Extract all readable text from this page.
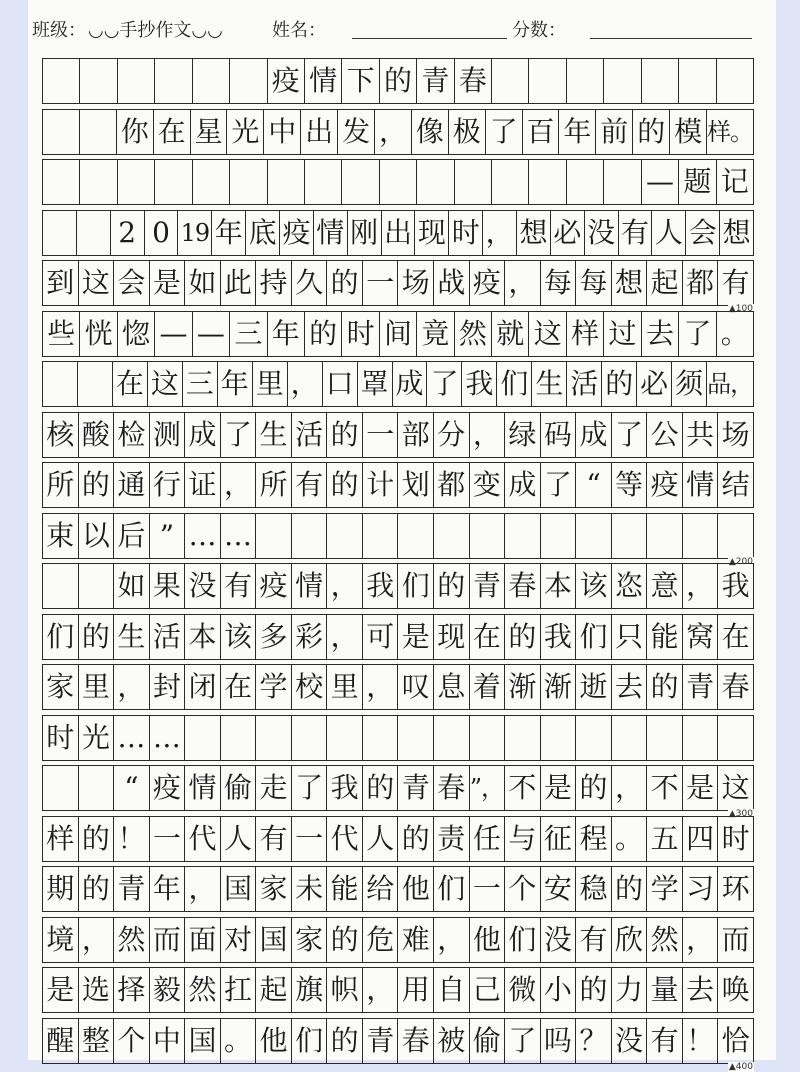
班级： ◡◡手抄作文◡◡	姓名：	分数：
疫 情 下 的 青 春
你 在 星 光 中 出 发 ， 像 极 了 百 年 前 的 模 样。
— 题 记
2 0 19 年 底 疫 情 刚 出 现 时 ， 想 必 没 有 人 会 想
到 这 会 是 如 此 持 久 的 一 场 战 疫 ， 每 每 想 起 都 有
▲100
些 恍 惚 — — 三 年 的 时 间 竟 然 就 这 样 过 去 了 。
在 这 三 年 里 ， 口 罩 成 了 我 们 生 活 的 必 须 品，
核 酸 检 测 成 了 生 活 的 一 部 分 ， 绿 码 成 了 公 共 场
所 的 通 行 证 ， 所 有 的 计 划 都 变 成 了 “ 等 疫 情 结
束 以 后 ” … …
▲200
如 果 没 有 疫 情 ， 我 们 的 青 春 本 该 恣 意 ， 我
们 的 生 活 本 该 多 彩 ， 可 是 现 在 的 我 们 只 能 窝 在
家 里 ， 封 闭 在 学 校 里 ， 叹 息 着 渐 渐 逝 去 的 青 春
时 光 … …
“ 疫 情 偷 走 了 我 的 青 春 ”， 不 是 的 ， 不 是 这
▲300
样 的 ！ 一 代 人 有 一 代 人 的 责 任 与 征 程 。 五 四 时
期 的 青 年 ， 国 家 未 能 给 他 们 一 个 安 稳 的 学 习 环
境 ， 然 而 面 对 国 家 的 危 难 ， 他 们 没 有 欣 然 ， 而
是 选 择 毅 然 扛 起 旗 帜 ， 用 自 己 微 小 的 力 量 去 唤
醒 整 个 中 国 。 他 们 的 青 春 被 偷 了 吗 ？ 没 有 ！ 恰
▲400
